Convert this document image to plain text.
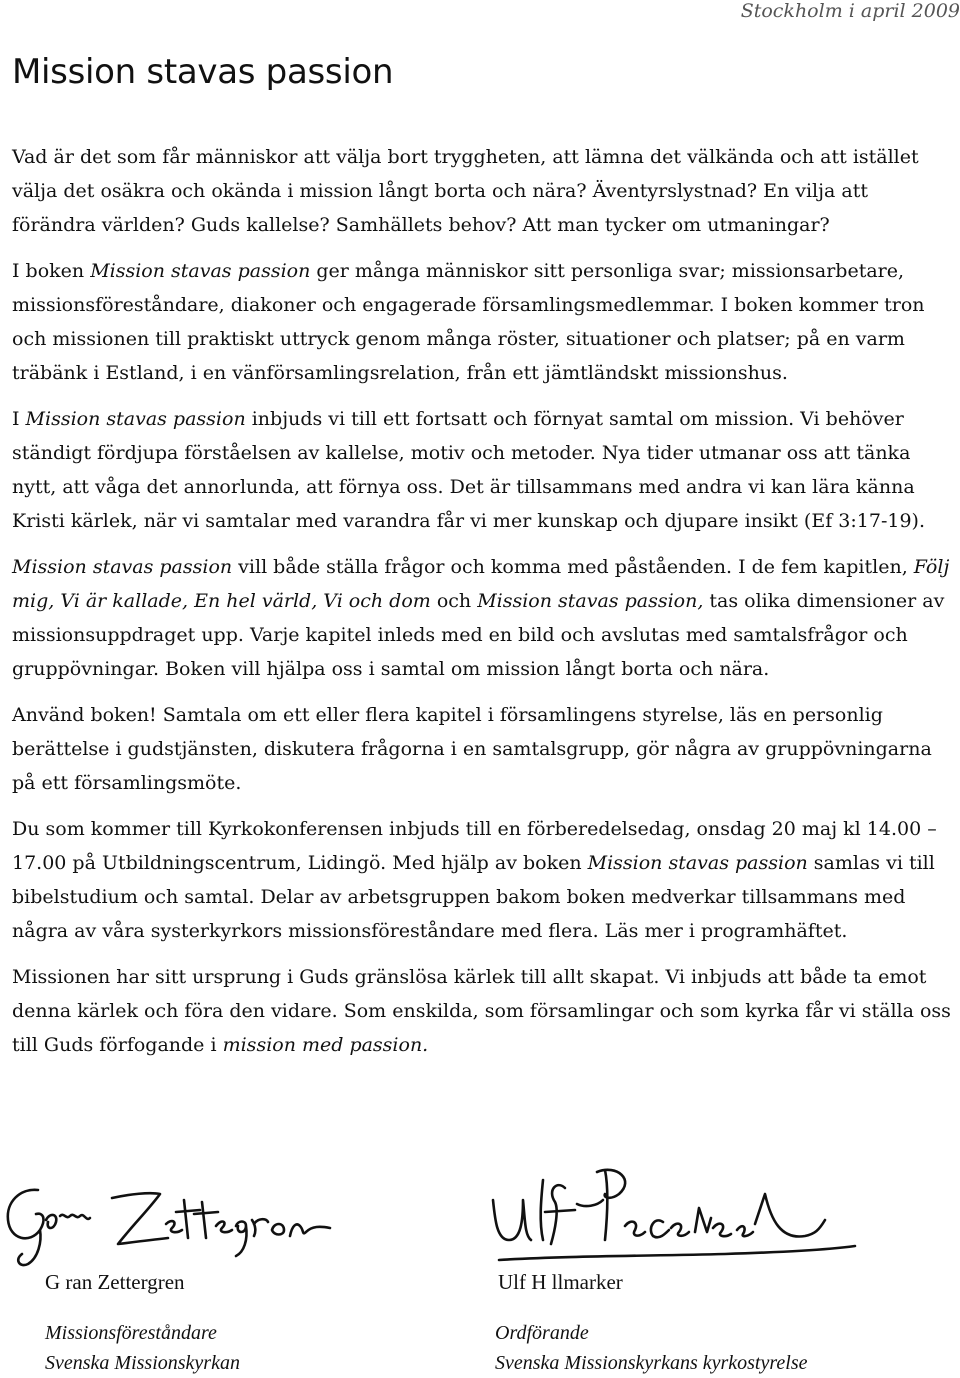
Stockholm i april 2009
Mission stavas passion

Vad är det som får människor att välja bort tryggheten, att lämna det välkända och att istället välja det osäkra och okända i mission långt borta och nära? Äventyrslystnad? En vilja att förändra världen? Guds kallelse? Samhällets behov? Att man tycker om utmaningar?

I boken Mission stavas passion ger många människor sitt personliga svar; missionsarbetare, missionsföreståndare, diakoner och engagerade församlingsmedlemmar. I boken kommer tron och missionen till praktiskt uttryck genom många röster, situationer och platser; på en varm träbänk i Estland, i en vänförsamlingsrelation, från ett jämtländskt missionshus.

I Mission stavas passion inbjuds vi till ett fortsatt och förnyat samtal om mission. Vi behöver ständigt fördjupa förståelsen av kallelse, motiv och metoder. Nya tider utmanar oss att tänka nytt, att våga det annorlunda, att förnya oss. Det är tillsammans med andra vi kan lära känna Kristi kärlek, när vi samtalar med varandra får vi mer kunskap och djupare insikt (Ef 3:17-19).

Mission stavas passion vill både ställa frågor och komma med påståenden. I de fem kapitlen, Följ mig, Vi är kallade, En hel värld, Vi och dom och Mission stavas passion, tas olika dimensioner av missionsuppdraget upp. Varje kapitel inleds med en bild och avslutas med samtalsfrågor och gruppövningar. Boken vill hjälpa oss i samtal om mission långt borta och nära.

Använd boken! Samtala om ett eller flera kapitel i församlingens styrelse, läs en personlig berättelse i gudstjänsten, diskutera frågorna i en samtalsgrupp, gör några av gruppövningarna på ett församlingsmöte.

Du som kommer till Kyrkokonferensen inbjuds till en förberedelsedag, onsdag 20 maj kl 14.00 – 17.00 på Utbildningscentrum, Lidingö. Med hjälp av boken Mission stavas passion samlas vi till bibelstudium och samtal. Delar av arbetsgruppen bakom boken medverkar tillsammans med några av våra systerkyrkors missionsföreståndare med flera. Läs mer i programhäftet.

Missionen har sitt ursprung i Guds gränslösa kärlek till allt skapat. Vi inbjuds att både ta emot denna kärlek och föra den vidare. Som enskilda, som församlingar och som kyrka får vi ställa oss till Guds förfogande i mission med passion.

G ran Zettergren
Missionsföreståndare
Svenska Missionskyrkan
Ulf H llmarker
Ordförande
Svenska Missionskyrkans kyrkostyrelse
